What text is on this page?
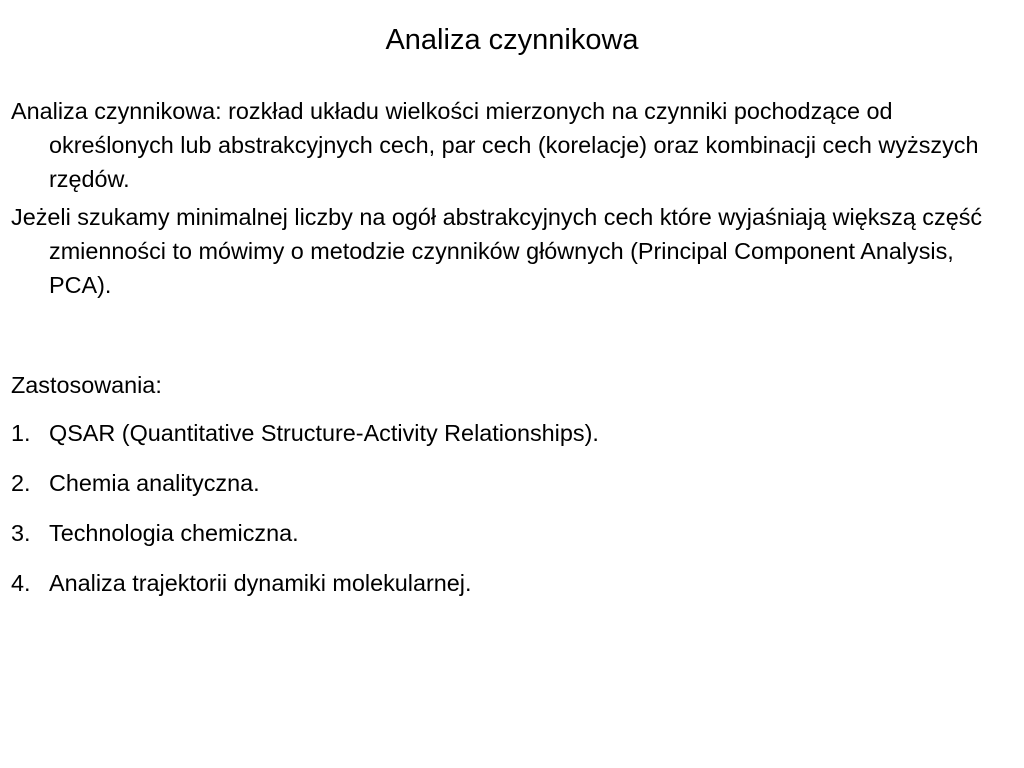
Analiza czynnikowa

Analiza czynnikowa: rozkład układu wielkości mierzonych na czynniki pochodzące od określonych lub abstrakcyjnych cech, par cech (korelacje) oraz kombinacji cech wyższych rzędów.

Jeżeli szukamy minimalnej liczby na ogół abstrakcyjnych cech które wyjaśniają większą część zmienności to mówimy o metodzie czynników głównych (Principal Component Analysis, PCA).

Zastosowania:

1. QSAR (Quantitative Structure-Activity Relationships).
2. Chemia analityczna.
3. Technologia chemiczna.
4. Analiza trajektorii dynamiki molekularnej.
